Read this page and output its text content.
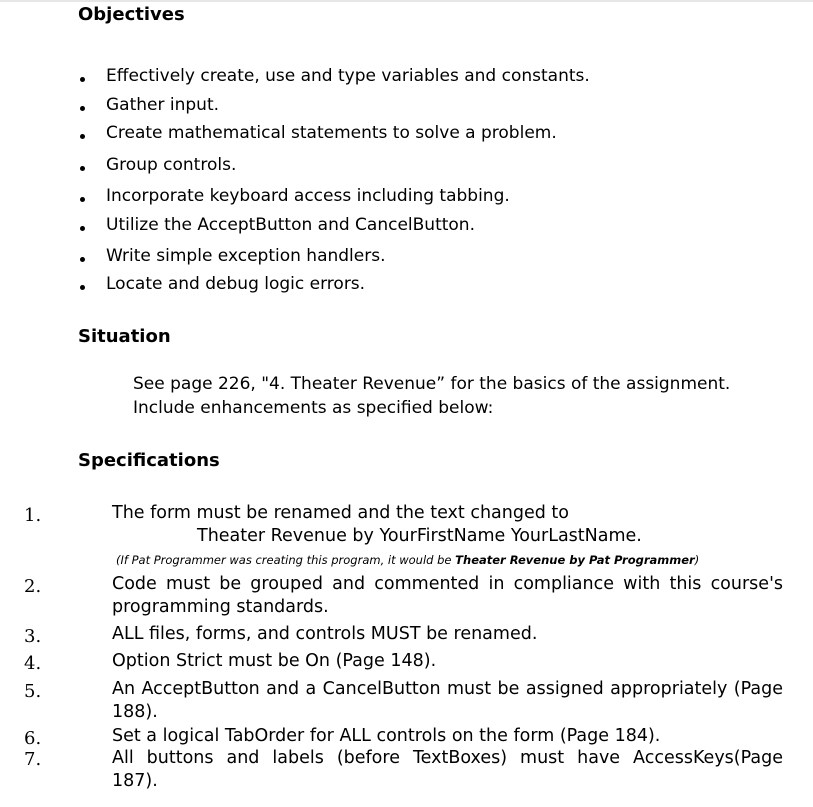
Objectives
Effectively create, use and type variables and constants.
Gather input.
Create mathematical statements to solve a problem.
Group controls.
Incorporate keyboard access including tabbing.
Utilize the AcceptButton and CancelButton.
Write simple exception handlers.
Locate and debug logic errors.
Situation
See page 226, "4. Theater Revenue” for the basics of the assignment.
Include enhancements as specified below:
Specifications
1.	The form must be renamed and the text changed to
Theater Revenue by YourFirstName YourLastName.
(If Pat Programmer was creating this program, it would be Theater Revenue by Pat Programmer)
2.	Code must be grouped and commented in compliance with this course's
programming standards.
3.	ALL files, forms, and controls MUST be renamed.
4.	Option Strict must be On (Page 148).
5.	An AcceptButton and a CancelButton must be assigned appropriately (Page
188).
6.	Set a logical TabOrder for ALL controls on the form (Page 184).
7.	All buttons and labels (before TextBoxes) must have AccessKeys(Page
187).
